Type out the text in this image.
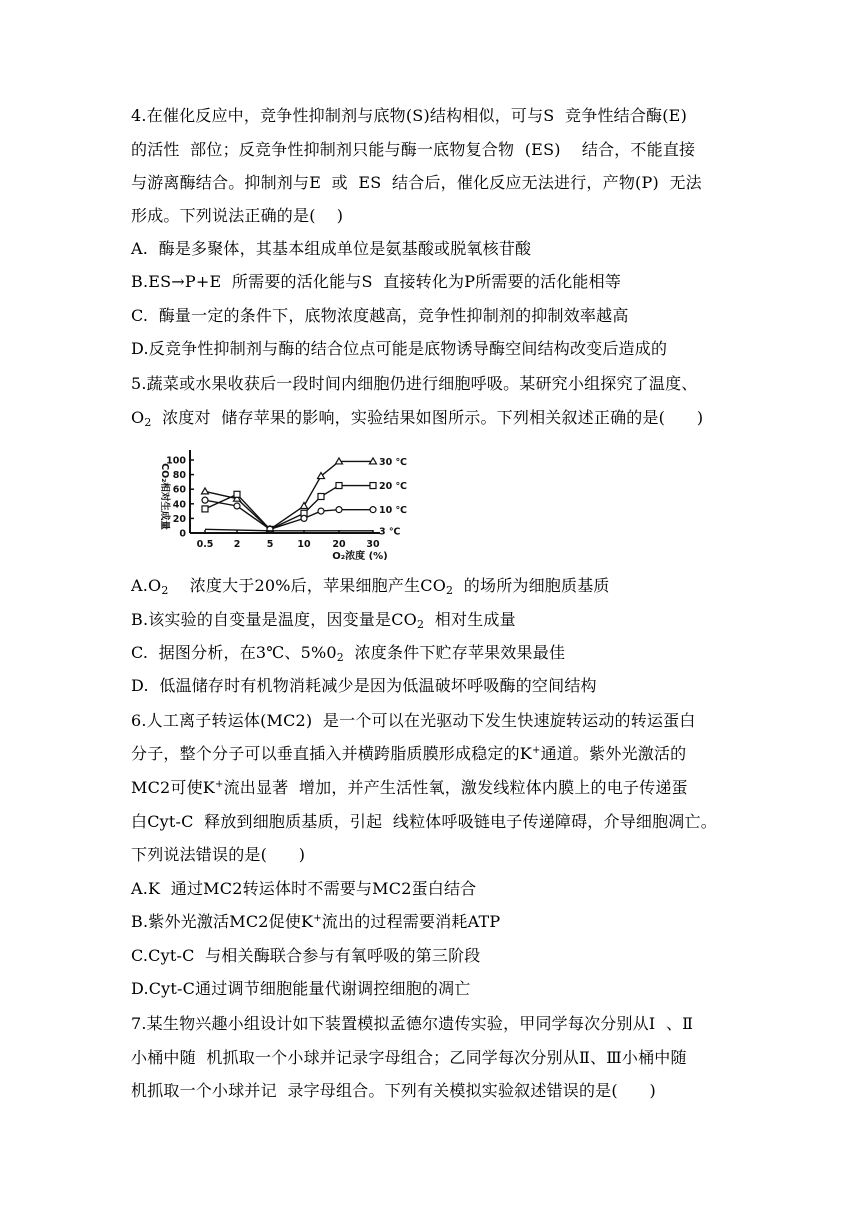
4.在催化反应中，竞争性抑制剂与底物(S)结构相似，可与S  竞争性结合酶(E)
的活性  部位；反竞争性抑制剂只能与酶一底物复合物  (ES)    结合，不能直接
与游离酶结合。抑制剂与E  或  ES  结合后，催化反应无法进行，产物(P)  无法
形成。下列说法正确的是(    )
A.  酶是多聚体，其基本组成单位是氨基酸或脱氧核苷酸
B.ES→P+E  所需要的活化能与S  直接转化为P所需要的活化能相等
C.  酶量一定的条件下，底物浓度越高，竞争性抑制剂的抑制效率越高
D.反竞争性抑制剂与酶的结合位点可能是底物诱导酶空间结构改变后造成的
5.蔬菜或水果收获后一段时间内细胞仍进行细胞呼吸。某研究小组探究了温度、
$O_2$  浓度对  储存苹果的影响，实验结果如图所示。下列相关叙述正确的是(      )
0
20
40
60
80
100
0.5 2	5	10 20 30
O₂浓度 (%)
CO₂相对生成量
30 ℃
20 ℃
10 ℃
3 ℃
$A.O_2$    浓度大于20%后，苹果细胞产生$CO_2$  的场所为细胞质基质
B.该实验的自变量是温度，因变量是$CO_2$  相对生成量
C.  据图分析，在3℃、$5\%0_2$  浓度条件下贮存苹果效果最佳
D.  低温储存时有机物消耗减少是因为低温破坏呼吸酶的空间结构
6.人工离子转运体(MC2)  是一个可以在光驱动下发生快速旋转运动的转运蛋白
分子，整个分子可以垂直插入并横跨脂质膜形成稳定的K+通道。紫外光激活的
MC2可使K+流出显著  增加，并产生活性氧，激发线粒体内膜上的电子传递蛋
白Cyt-C  释放到细胞质基质，引起  线粒体呼吸链电子传递障碍，介导细胞凋亡。
下列说法错误的是(      )
A.K  通过MC2转运体时不需要与MC2蛋白结合
B.紫外光激活MC2促使K+流出的过程需要消耗ATP
C.Cyt-C  与相关酶联合参与有氧呼吸的第三阶段
D.Cyt-C通过调节细胞能量代谢调控细胞的凋亡
7.某生物兴趣小组设计如下装置模拟孟德尔遗传实验，甲同学每次分别从Ⅰ  、Ⅱ
小桶中随  机抓取一个小球并记录字母组合；乙同学每次分别从Ⅱ、Ⅲ小桶中随
机抓取一个小球并记  录字母组合。下列有关模拟实验叙述错误的是(      )
